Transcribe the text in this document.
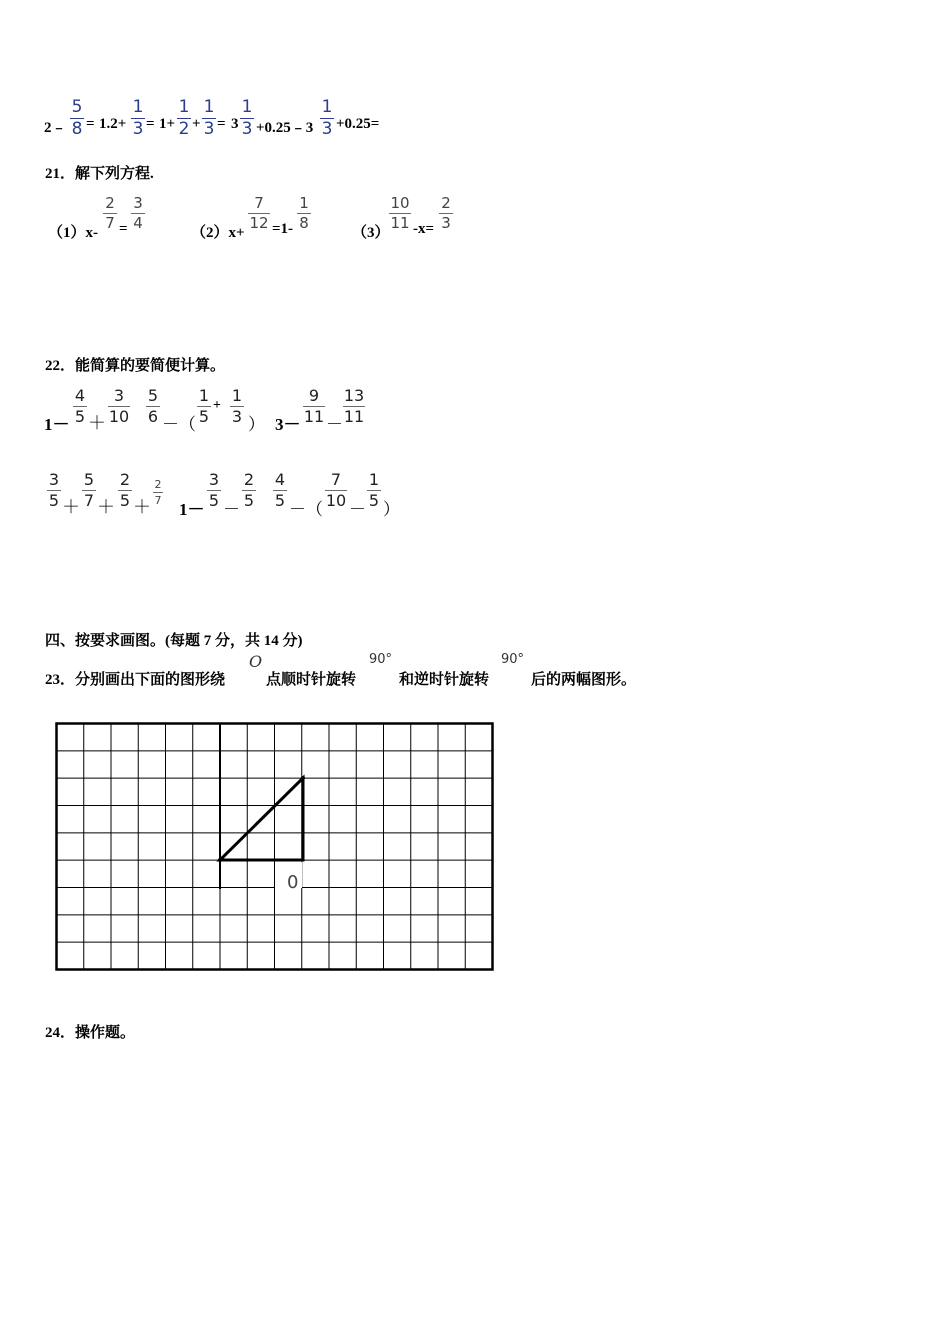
2﹣
5
8 = 1.2+
1
3 = 1+
1
2 +
1
3 = 3
1
3 +0.25﹣3
1
3 +0.25=
21．解下列方程.
（1）x-
2
7 =
3
4
（2）x+
7
12 =1-
1
8
（3）
10
11 -x=
2
3
22．能简算的要简便计算。
1－
4
5 ＋
3
10
5
6 －（
1
5
+
1
3 ） 3－
9
11 －
13
11
3
5 ＋
5
7 ＋
2
5 ＋
2
7 1－
3
5 －
2
5
4
5 －（
7
10 －
1
5 ）
四、按要求画图。(每题 7 分，共 14 分)
23．分别画出下面的图形绕
O
点顺时针旋转
90°
和逆时针旋转
90°
后的两幅图形。
0
24．操作题。
